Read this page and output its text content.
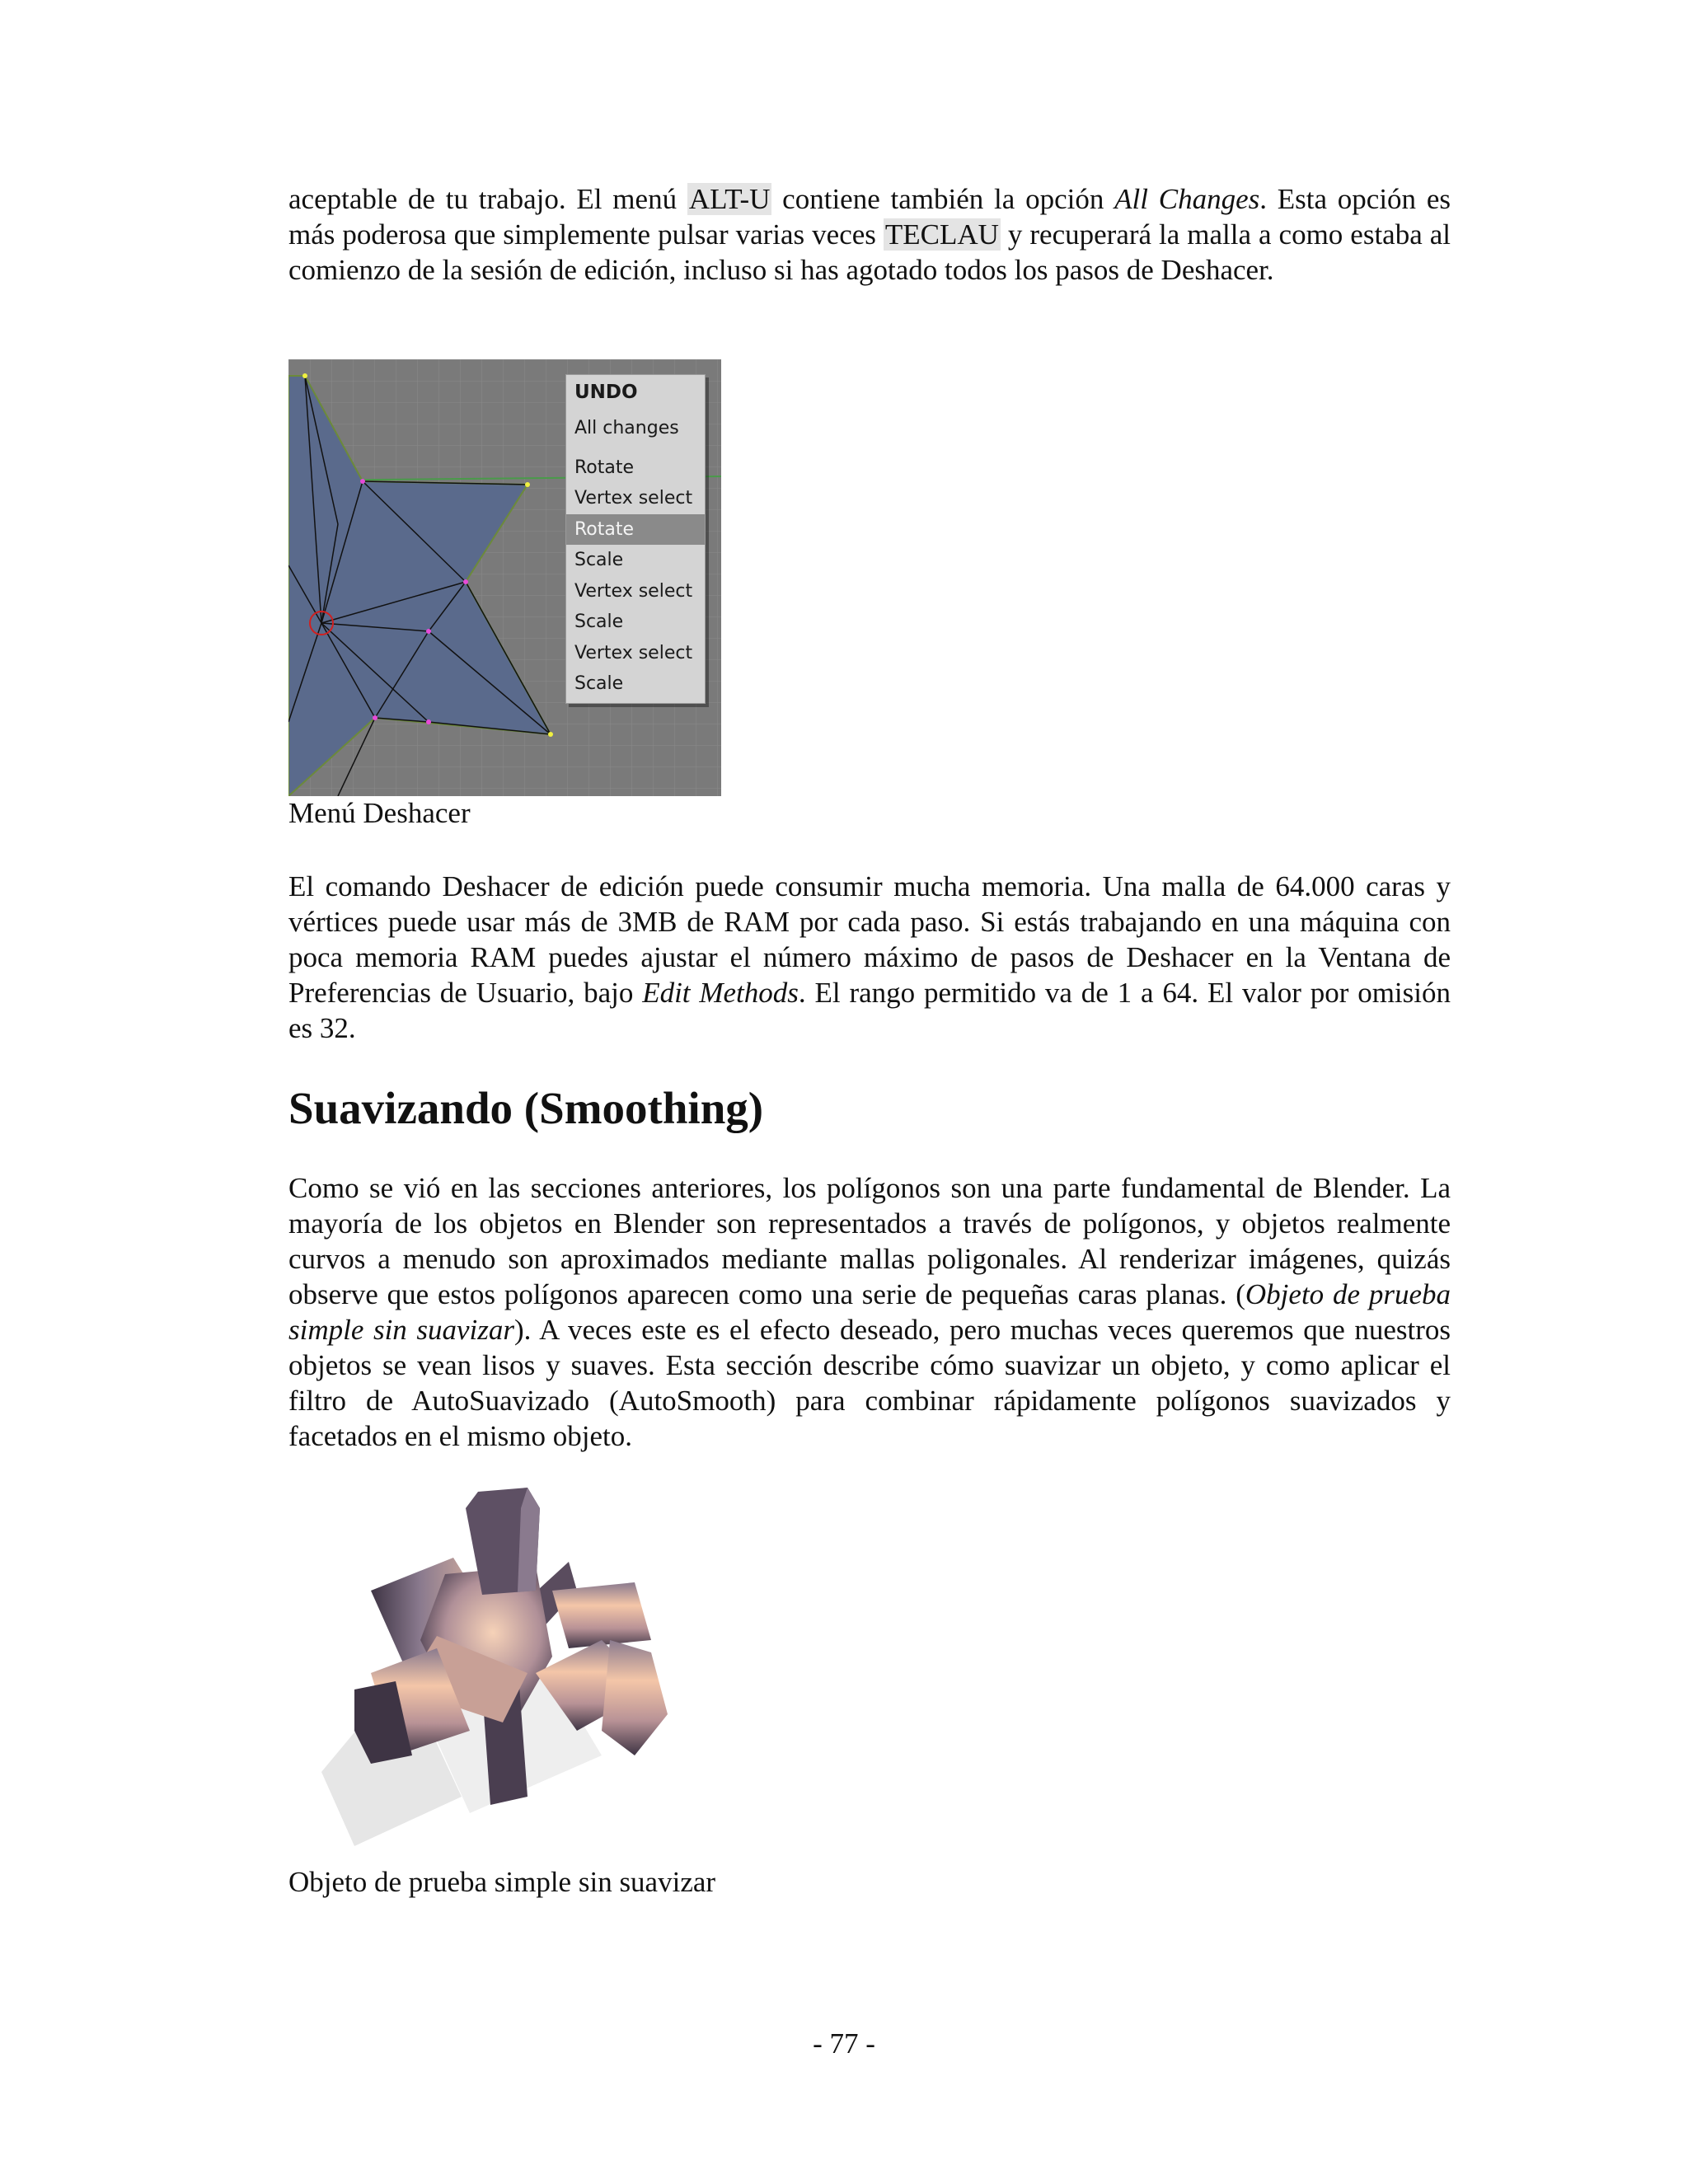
aceptable de tu trabajo. El menú ALT-U contiene también la opción All Changes. Esta opción es más poderosa que simplemente pulsar varias veces TECLAU y recuperará la malla a como estaba al comienzo de la sesión de edición, incluso si has agotado todos los pasos de Deshacer.

El comando Deshacer de edición puede consumir mucha memoria. Una malla de 64.000 caras y vértices puede usar más de 3MB de RAM por cada paso. Si estás trabajando en una máquina con poca memoria RAM puedes ajustar el número máximo de pasos de Deshacer en la Ventana de Preferencias de Usuario, bajo Edit Methods. El rango permitido va de 1 a 64. El valor por omisión es 32.

Suavizando (Smoothing)

Como se vió en las secciones anteriores, los polígonos son una parte fundamental de Blender. La mayoría de los objetos en Blender son representados a través de polígonos, y objetos realmente curvos a menudo son aproximados mediante mallas poligonales. Al renderizar imágenes, quizás observe que estos polígonos aparecen como una serie de pequeñas caras planas. (Objeto de prueba simple sin suavizar). A veces este es el efecto deseado, pero muchas veces queremos que nuestros objetos se vean lisos y suaves. Esta sección describe cómo suavizar un objeto, y como aplicar el filtro de AutoSuavizado (AutoSmooth) para combinar rápidamente polígonos suavizados y facetados en el mismo objeto.

UNDO
All changes
Rotate
Vertex select
Rotate
Scale
Vertex select
Scale
Vertex select
Scale

Menú Deshacer

Objeto de prueba simple sin suavizar

- 77 -
